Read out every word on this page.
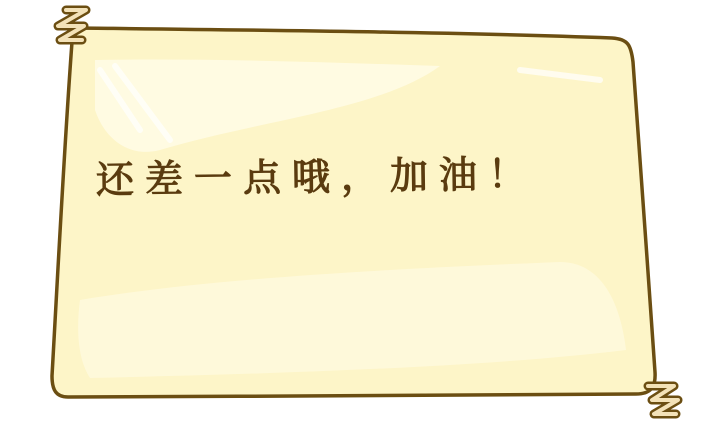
还差一点哦，加油！
